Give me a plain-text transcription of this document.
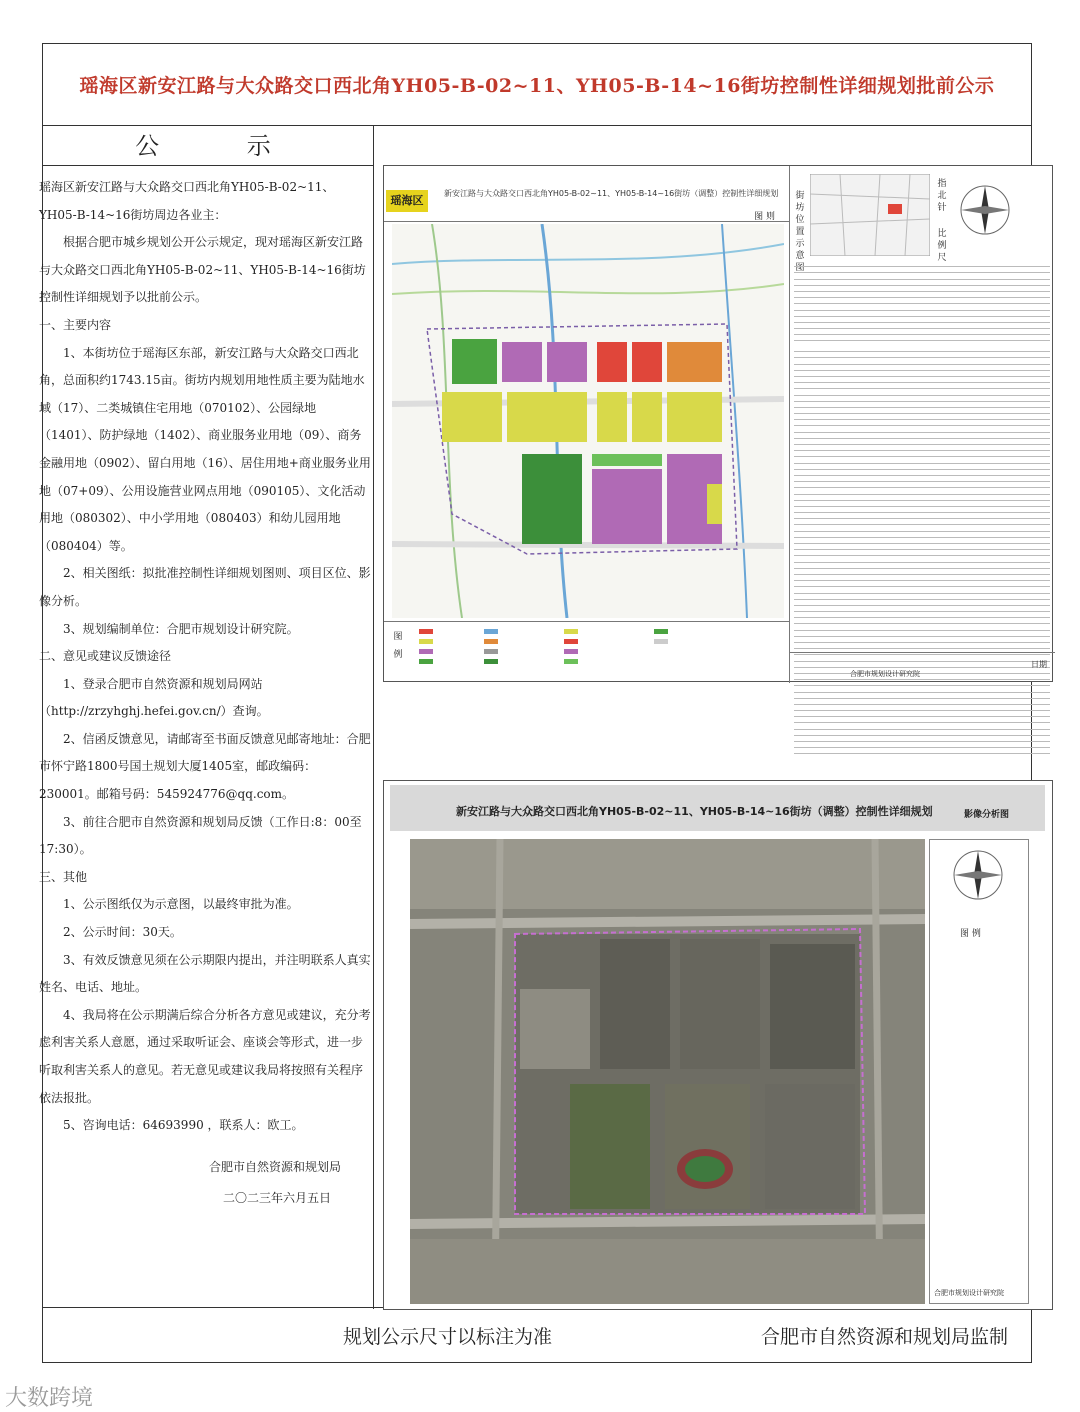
瑶海区新安江路与大众路交口西北角YH05-B-02~11、YH05-B-14~16街坊控制性详细规划批前公示
公 示

瑶海区新安江路与大众路交口西北角YH05-B-02~11、YH05-B-14~16街坊周边各业主：

根据合肥市城乡规划公开公示规定，现对瑶海区新安江路与大众路交口西北角YH05-B-02~11、YH05-B-14~16街坊控制性详细规划予以批前公示。

一、主要内容

1、本街坊位于瑶海区东部，新安江路与大众路交口西北角，总面积约1743.15亩。街坊内规划用地性质主要为陆地水域（17）、二类城镇住宅用地（070102）、公园绿地（1401）、防护绿地（1402）、商业服务业用地（09）、商务金融用地（0902）、留白用地（16）、居住用地+商业服务业用地（07+09）、公用设施营业网点用地（090105）、文化活动用地（080302）、中小学用地（080403）和幼儿园用地（080404）等。

2、相关图纸：拟批准控制性详细规划图则、项目区位、影像分析。

3、规划编制单位：合肥市规划设计研究院。

二、意见或建议反馈途径

1、登录合肥市自然资源和规划局网站（http://zrzyhghj.hefei.gov.cn/）查询。

2、信函反馈意见，请邮寄至书面反馈意见邮寄地址：合肥市怀宁路1800号国土规划大厦1405室，邮政编码：230001。邮箱号码：545924776@qq.com。

3、前往合肥市自然资源和规划局反馈（工作日:8：00至17:30）。

三、其他

1、公示图纸仅为示意图，以最终审批为准。

2、公示时间：30天。

3、有效反馈意见须在公示期限内提出，并注明联系人真实姓名、电话、地址。

4、我局将在公示期满后综合分析各方意见或建议，充分考虑利害关系人意愿，通过采取听证会、座谈会等形式，进一步听取利害关系人的意见。若无意见或建议我局将按照有关程序依法报批。

5、咨询电话：64693990 ，联系人：欧工。

合肥市自然资源和规划局

二〇二三年六月五日

规划公示尺寸以标注为准	合肥市自然资源和规划局监制
瑶海区
新安江路与大众路交口西北角YH05-B-02~11、YH05-B-14~16街坊（调整）控制性详细规划
图 则
图 例
街坊位置示意图
指北针
比例尺
合肥市规划设计研究院
日期
新安江路与大众路交口西北角YH05-B-02~11、YH05-B-14~16街坊（调整）控制性详细规划	影像分析图
图 例
合肥市规划设计研究院
大数跨境
